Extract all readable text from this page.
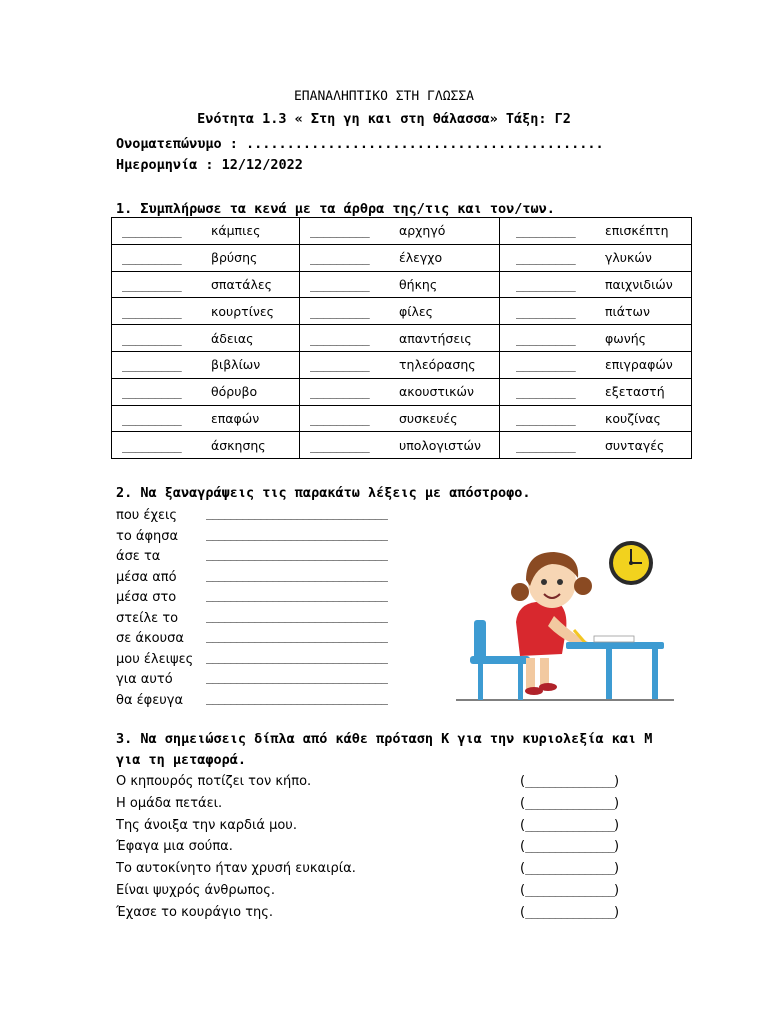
ΕΠΑΝΑΛΗΠΤΙΚΟ ΣΤΗ ΓΛΩΣΣΑ
Ενότητα 1.3 « Στη γη και στη θάλασσα» Τάξη: Γ2
Ονοματεπώνυμο : ............................................
Ημερομηνία : 12/12/2022
1. Συμπλήρωσε τα κενά με τα άρθρα της/τις και τον/των.
_________ κάμπιες	_________ αρχηγό	_________ επισκέπτη
_________ βρύσης	_________ έλεγχο	_________ γλυκών
_________ σπατάλες	_________ θήκης	_________ παιχνιδιών
_________ κουρτίνες	_________ φίλες	_________ πιάτων
_________ άδειας	_________ απαντήσεις	_________ φωνής
_________ βιβλίων	_________ τηλεόρασης	_________ επιγραφών
_________ θόρυβο	_________ ακουστικών	_________ εξεταστή
_________ επαφών	_________ συσκευές	_________ κουζίνας
_________ άσκησης	_________ υπολογιστών	_________ συνταγές
2. Να ξαναγράψεις τις παρακάτω λέξεις με απόστροφο.
που έχεις ______________________________
το άφησα ______________________________
άσε τα	______________________________
μέσα από ______________________________
μέσα στο ______________________________
στείλε το ______________________________
σε άκουσα ______________________________
μου έλειψες ______________________________
για αυτό	______________________________
θα έφευγα ______________________________
3. Να σημειώσεις δίπλα από κάθε πρόταση Κ για την κυριολεξία και Μ
για τη μεταφορά.
Ο κηπουρός ποτίζει τον κήπο.	(_______________)
Η ομάδα πετάει.	(_______________)
Της άνοιξα την καρδιά μου.	(_______________)
Έφαγα μια σούπα.	(_______________)
Το αυτοκίνητο ήταν χρυσή ευκαιρία.	(_______________)
Είναι ψυχρός άνθρωπος.	(_______________)
Έχασε το κουράγιο της.	(_______________)
